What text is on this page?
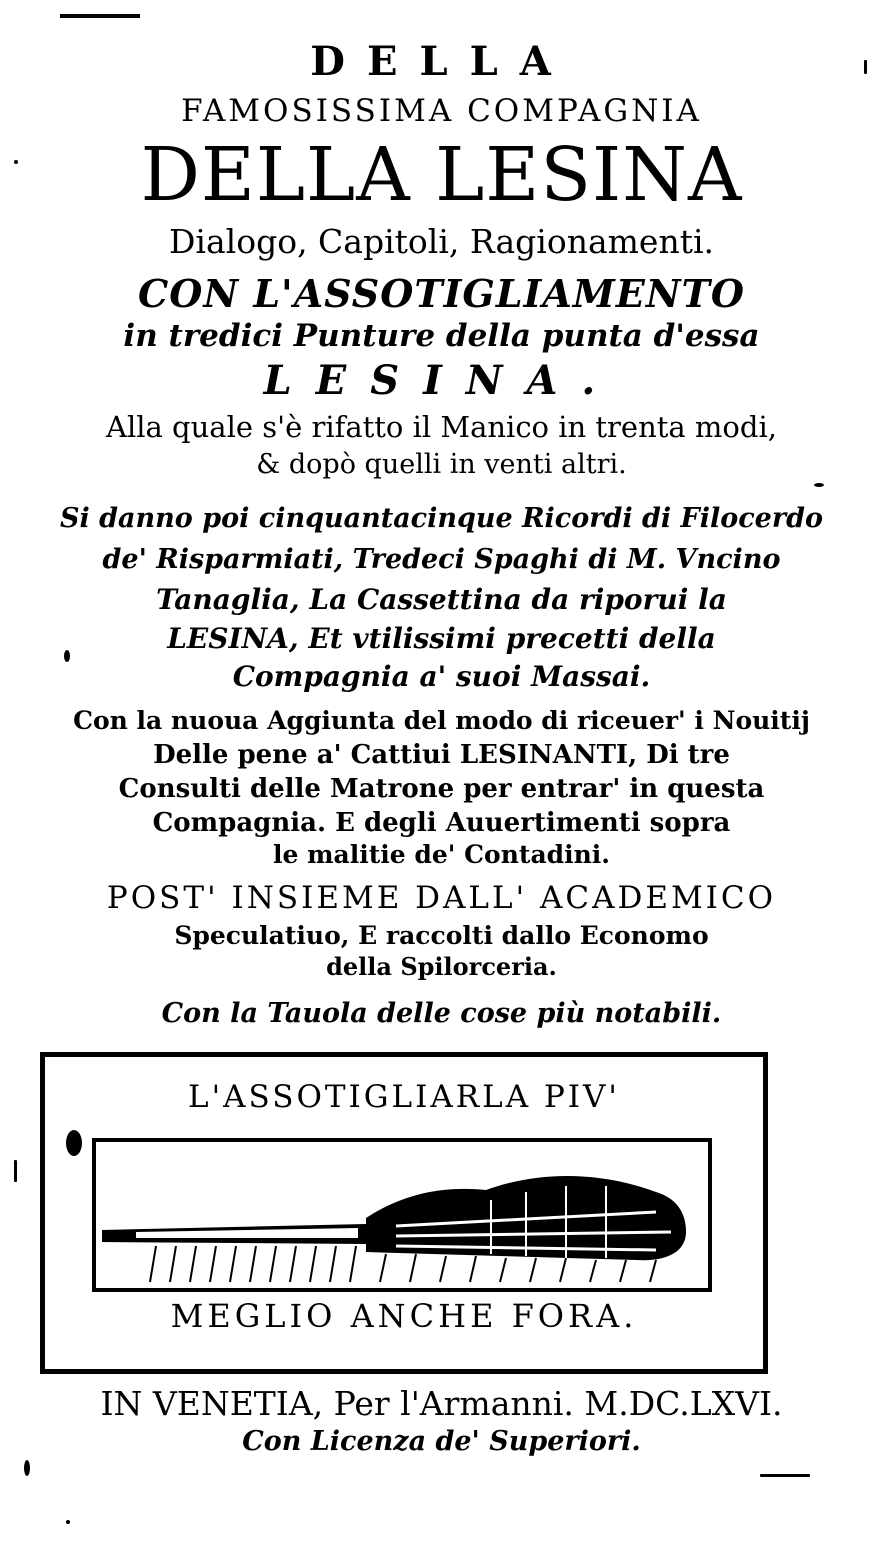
DELLA
FAMOSISSIMA COMPAGNIA
DELLA LESINA
Dialogo, Capitoli, Ragionamenti.
CON L'ASSOTIGLIAMENTO
in tredici Punture della punta d'essa
LESINA.
Alla quale s'è rifatto il Manico in trenta modi,
& dopò quelli in venti altri.
Si danno poi cinquantacinque Ricordi di Filocerdo
de' Risparmiati, Tredeci Spaghi di M. Vncino
Tanaglia, La Cassettina da riporui la
LESINA, Et vtilissimi precetti della
Compagnia a' suoi Massai.
Con la nuoua Aggiunta del modo di riceuer' i Nouitij
Delle pene a' Cattiui LESINANTI, Di tre
Consulti delle Matrone per entrar' in questa
Compagnia. E degli Auuertimenti sopra
le malitie de' Contadini.
POST' INSIEME DALL' ACADEMICO
Speculatiuo, E raccolti dallo Economo
della Spilorceria.
Con la Tauola delle cose più notabili.
L'ASSOTIGLIARLA PIV'
MEGLIO ANCHE FORA.
IN VENETIA, Per l'Armanni. M.DC.LXVI.
Con Licenza de' Superiori.
